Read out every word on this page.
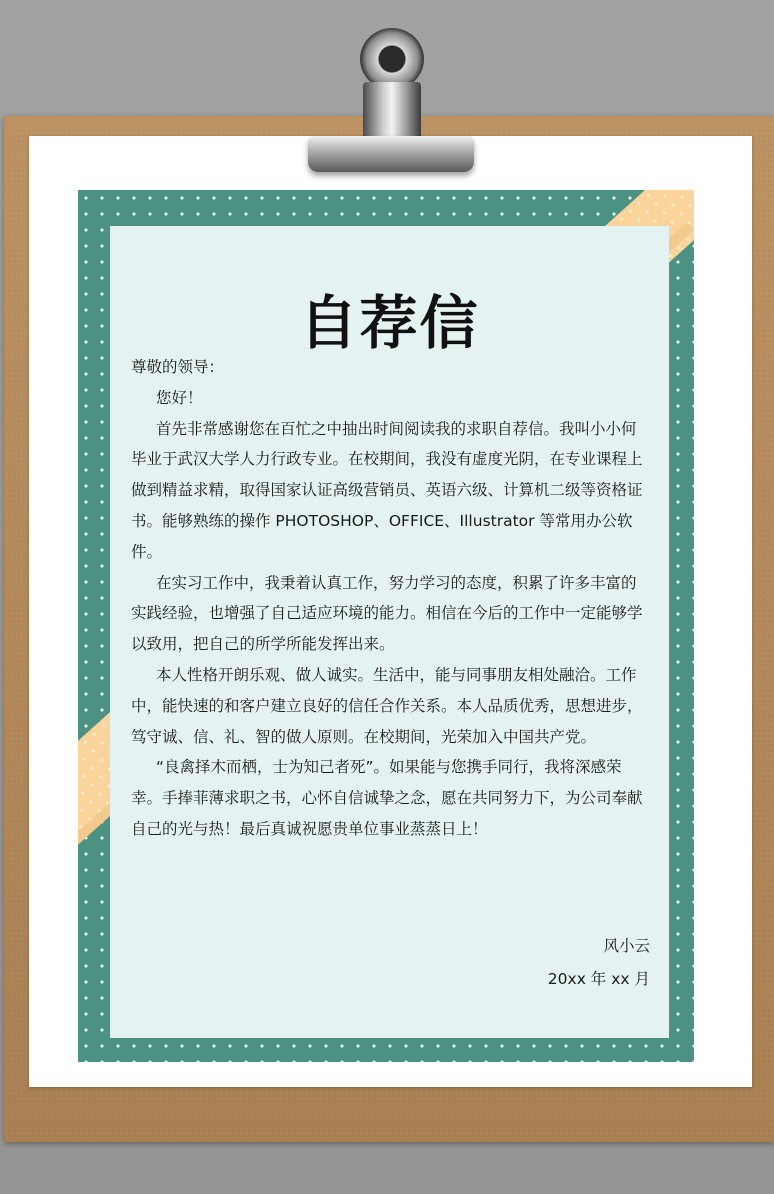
自荐信

尊敬的领导：

您好！

首先非常感谢您在百忙之中抽出时间阅读我的求职自荐信。我叫小小何毕业于武汉大学人力行政专业。在校期间，我没有虚度光阴，在专业课程上做到精益求精，取得国家认证高级营销员、英语六级、计算机二级等资格证书。能够熟练的操作 PHOTOSHOP、OFFICE、Illustrator 等常用办公软件。

在实习工作中，我秉着认真工作，努力学习的态度，积累了许多丰富的实践经验，也增强了自己适应环境的能力。相信在今后的工作中一定能够学以致用，把自己的所学所能发挥出来。

本人性格开朗乐观、做人诚实。生活中，能与同事朋友相处融洽。工作中，能快速的和客户建立良好的信任合作关系。本人品质优秀，思想进步，笃守诚、信、礼、智的做人原则。在校期间，光荣加入中国共产党。

“良禽择木而栖，士为知己者死”。如果能与您携手同行，我将深感荣幸。手捧菲薄求职之书，心怀自信诚挚之念，愿在共同努力下，为公司奉献自己的光与热！最后真诚祝愿贵单位事业蒸蒸日上！

风小云
20xx 年 xx 月
